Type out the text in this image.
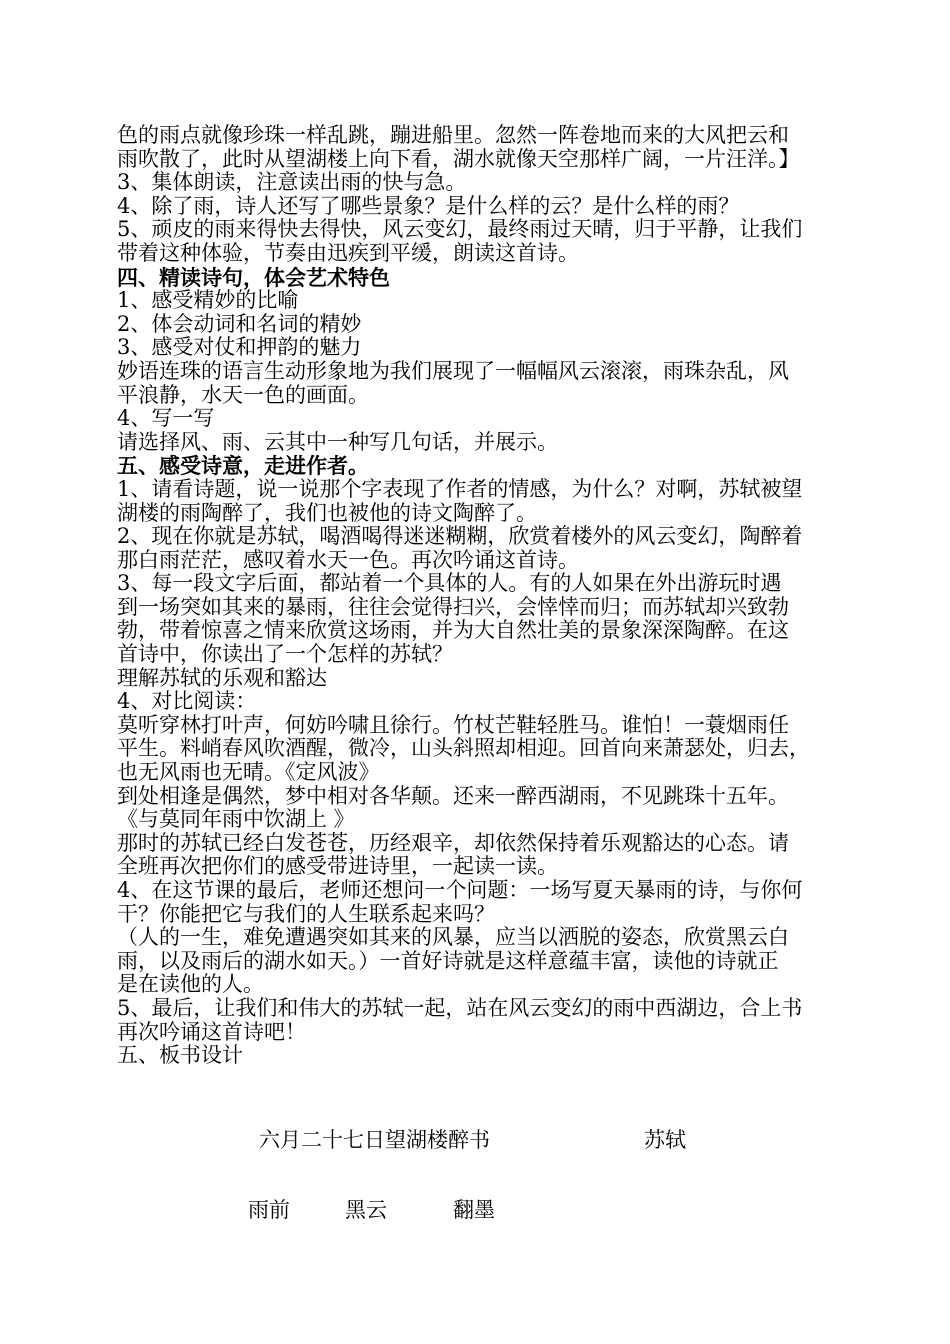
色的雨点就像珍珠一样乱跳，蹦进船里。忽然一阵卷地而来的大风把云和
雨吹散了，此时从望湖楼上向下看，湖水就像天空那样广阔，一片汪洋。】
3、集体朗读，注意读出雨的快与急。
4、除了雨，诗人还写了哪些景象？是什么样的云？是什么样的雨？
5、顽皮的雨来得快去得快，风云变幻，最终雨过天晴，归于平静，让我们
带着这种体验，节奏由迅疾到平缓，朗读这首诗。
四、精读诗句，体会艺术特色
1、感受精妙的比喻
2、体会动词和名词的精妙
3、感受对仗和押韵的魅力
妙语连珠的语言生动形象地为我们展现了一幅幅风云滚滚，雨珠杂乱，风
平浪静，水天一色的画面。
4、写一写
请选择风、雨、云其中一种写几句话，并展示。
五、感受诗意，走进作者。
1、请看诗题，说一说那个字表现了作者的情感，为什么？对啊，苏轼被望
湖楼的雨陶醉了，我们也被他的诗文陶醉了。
2、现在你就是苏轼，喝酒喝得迷迷糊糊，欣赏着楼外的风云变幻，陶醉着
那白雨茫茫，感叹着水天一色。再次吟诵这首诗。
3、每一段文字后面，都站着一个具体的人。有的人如果在外出游玩时遇
到一场突如其来的暴雨，往往会觉得扫兴，会悻悻而归；而苏轼却兴致勃
勃，带着惊喜之情来欣赏这场雨，并为大自然壮美的景象深深陶醉。在这
首诗中，你读出了一个怎样的苏轼？
理解苏轼的乐观和豁达
4、对比阅读：
莫听穿林打叶声，何妨吟啸且徐行。竹杖芒鞋轻胜马。谁怕！一蓑烟雨任
平生。料峭春风吹酒醒，微冷，山头斜照却相迎。回首向来萧瑟处，归去，
也无风雨也无晴。《定风波》
到处相逢是偶然，梦中相对各华颠。还来一醉西湖雨，不见跳珠十五年。
《与莫同年雨中饮湖上 》
那时的苏轼已经白发苍苍，历经艰辛，却依然保持着乐观豁达的心态。请
全班再次把你们的感受带进诗里，一起读一读。
4、在这节课的最后，老师还想问一个问题：一场写夏天暴雨的诗，与你何
干？你能把它与我们的人生联系起来吗？
（人的一生，难免遭遇突如其来的风暴，应当以洒脱的姿态，欣赏黑云白
雨，以及雨后的湖水如天。）一首好诗就是这样意蕴丰富，读他的诗就正
是在读他的人。
5、最后，让我们和伟大的苏轼一起，站在风云变幻的雨中西湖边，合上书
再次吟诵这首诗吧！
五、板书设计
六月二十七日望湖楼醉书	苏轼
雨前	黑云	翻墨
